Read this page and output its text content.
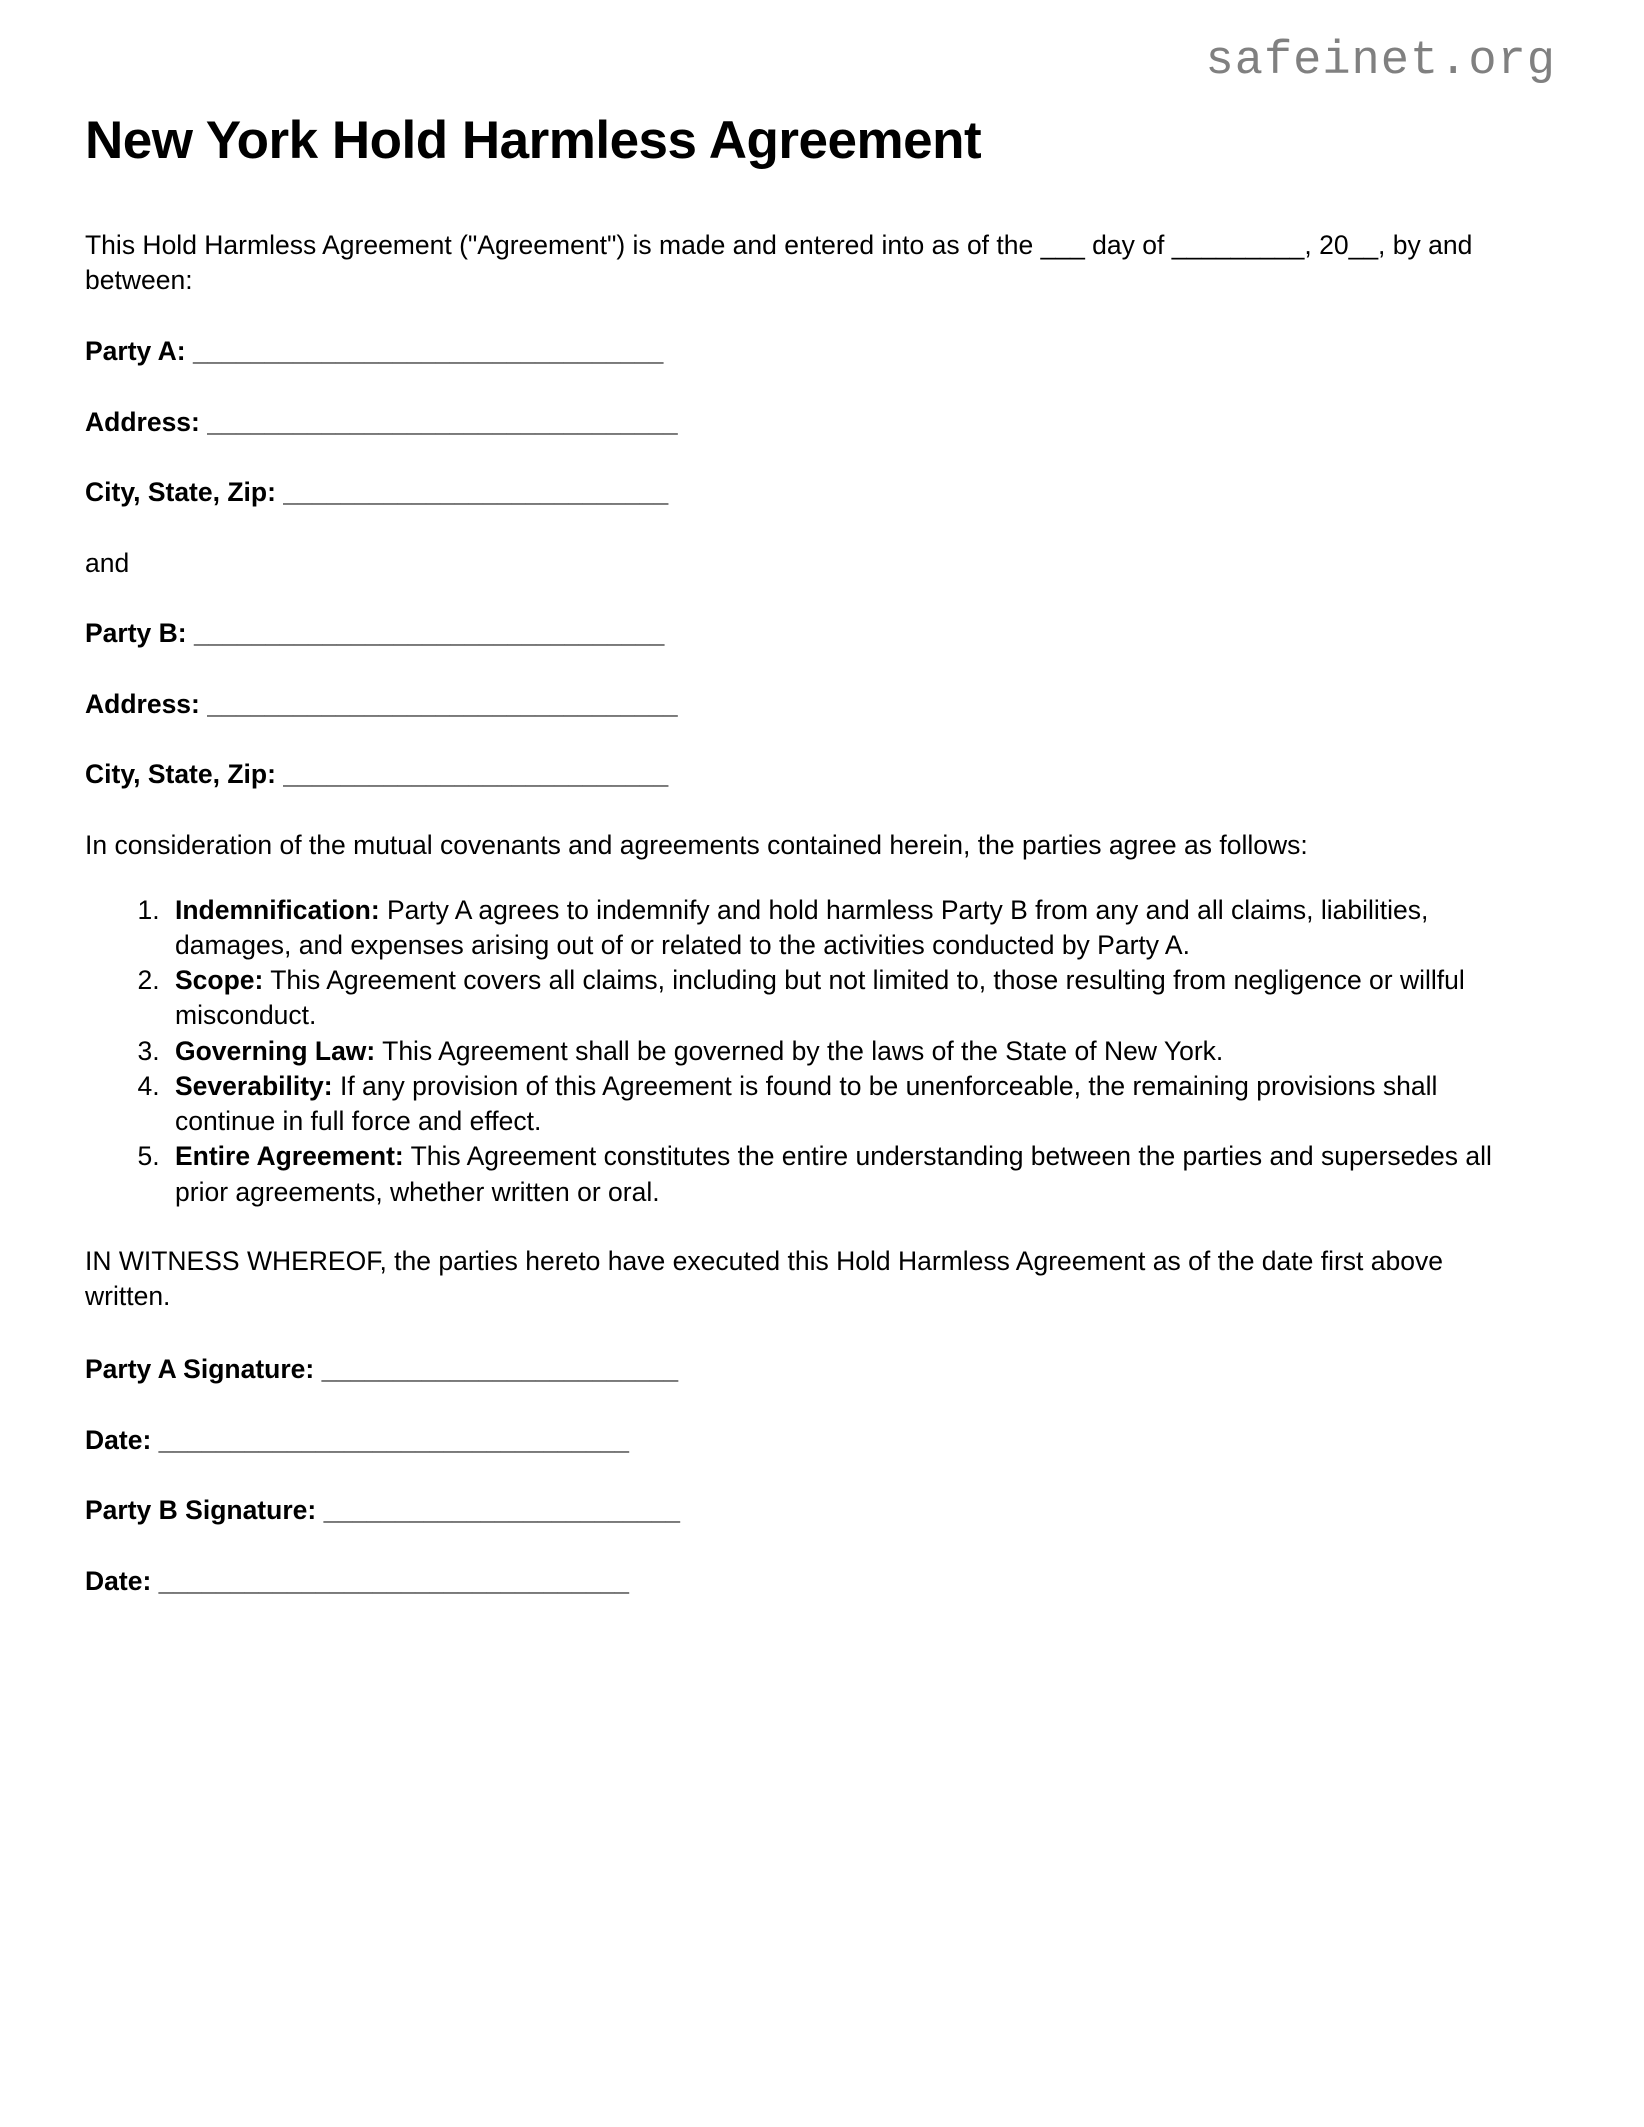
safeinet.org
New York Hold Harmless Agreement

This Hold Harmless Agreement ("Agreement") is made and entered into as of the ___ day of _________, 20__, by and between:

Party A: _________________________________
Address: _________________________________
City, State, Zip: ___________________________
and
Party B: _________________________________
Address: _________________________________
City, State, Zip: ___________________________

In consideration of the mutual covenants and agreements contained herein, the parties agree as follows:

1. Indemnification: Party A agrees to indemnify and hold harmless Party B from any and all claims, liabilities, damages, and expenses arising out of or related to the activities conducted by Party A.
2. Scope: This Agreement covers all claims, including but not limited to, those resulting from negligence or willful misconduct.
3. Governing Law: This Agreement shall be governed by the laws of the State of New York.
4. Severability: If any provision of this Agreement is found to be unenforceable, the remaining provisions shall continue in full force and effect.
5. Entire Agreement: This Agreement constitutes the entire understanding between the parties and supersedes all prior agreements, whether written or oral.

IN WITNESS WHEREOF, the parties hereto have executed this Hold Harmless Agreement as of the date first above written.

Party A Signature: _________________________
Date: _________________________________
Party B Signature: _________________________
Date: _________________________________
